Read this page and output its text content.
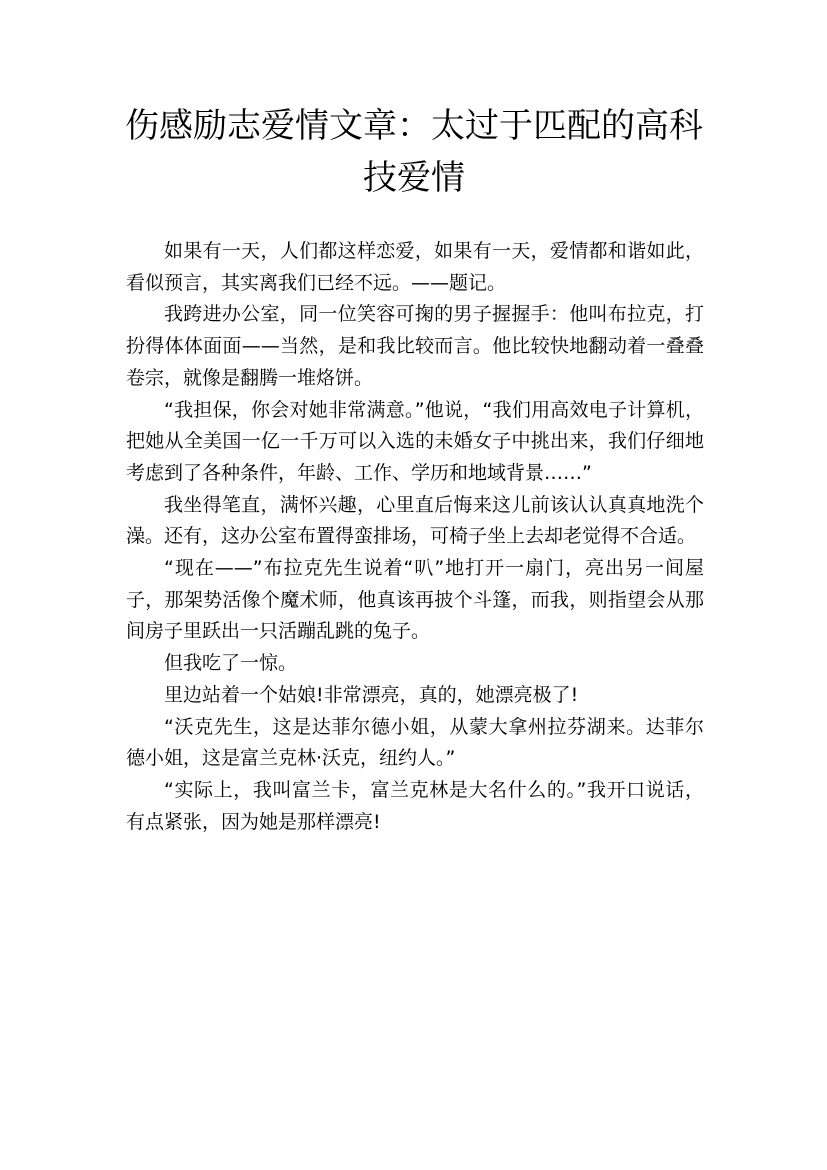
伤感励志爱情文章：太过于匹配的高科技爱情

如果有一天，人们都这样恋爱，如果有一天，爱情都和谐如此，看似预言，其实离我们已经不远。——题记。

我跨进办公室，同一位笑容可掬的男子握握手：他叫布拉克，打扮得体体面面——当然，是和我比较而言。他比较快地翻动着一叠叠卷宗，就像是翻腾一堆烙饼。

“我担保，你会对她非常满意。”他说，“我们用高效电子计算机，把她从全美国一亿一千万可以入选的未婚女子中挑出来，我们仔细地考虑到了各种条件，年龄、工作、学历和地域背景……”

我坐得笔直，满怀兴趣，心里直后悔来这儿前该认认真真地洗个澡。还有，这办公室布置得蛮排场，可椅子坐上去却老觉得不合适。

“现在——”布拉克先生说着“叭”地打开一扇门，亮出另一间屋子，那架势活像个魔术师，他真该再披个斗篷，而我，则指望会从那间房子里跃出一只活蹦乱跳的兔子。

但我吃了一惊。

里边站着一个姑娘!非常漂亮，真的，她漂亮极了!

“沃克先生，这是达菲尔德小姐，从蒙大拿州拉芬湖来。达菲尔德小姐，这是富兰克林·沃克，纽约人。”

“实际上，我叫富兰卡，富兰克林是大名什么的。”我开口说话，有点紧张，因为她是那样漂亮!
